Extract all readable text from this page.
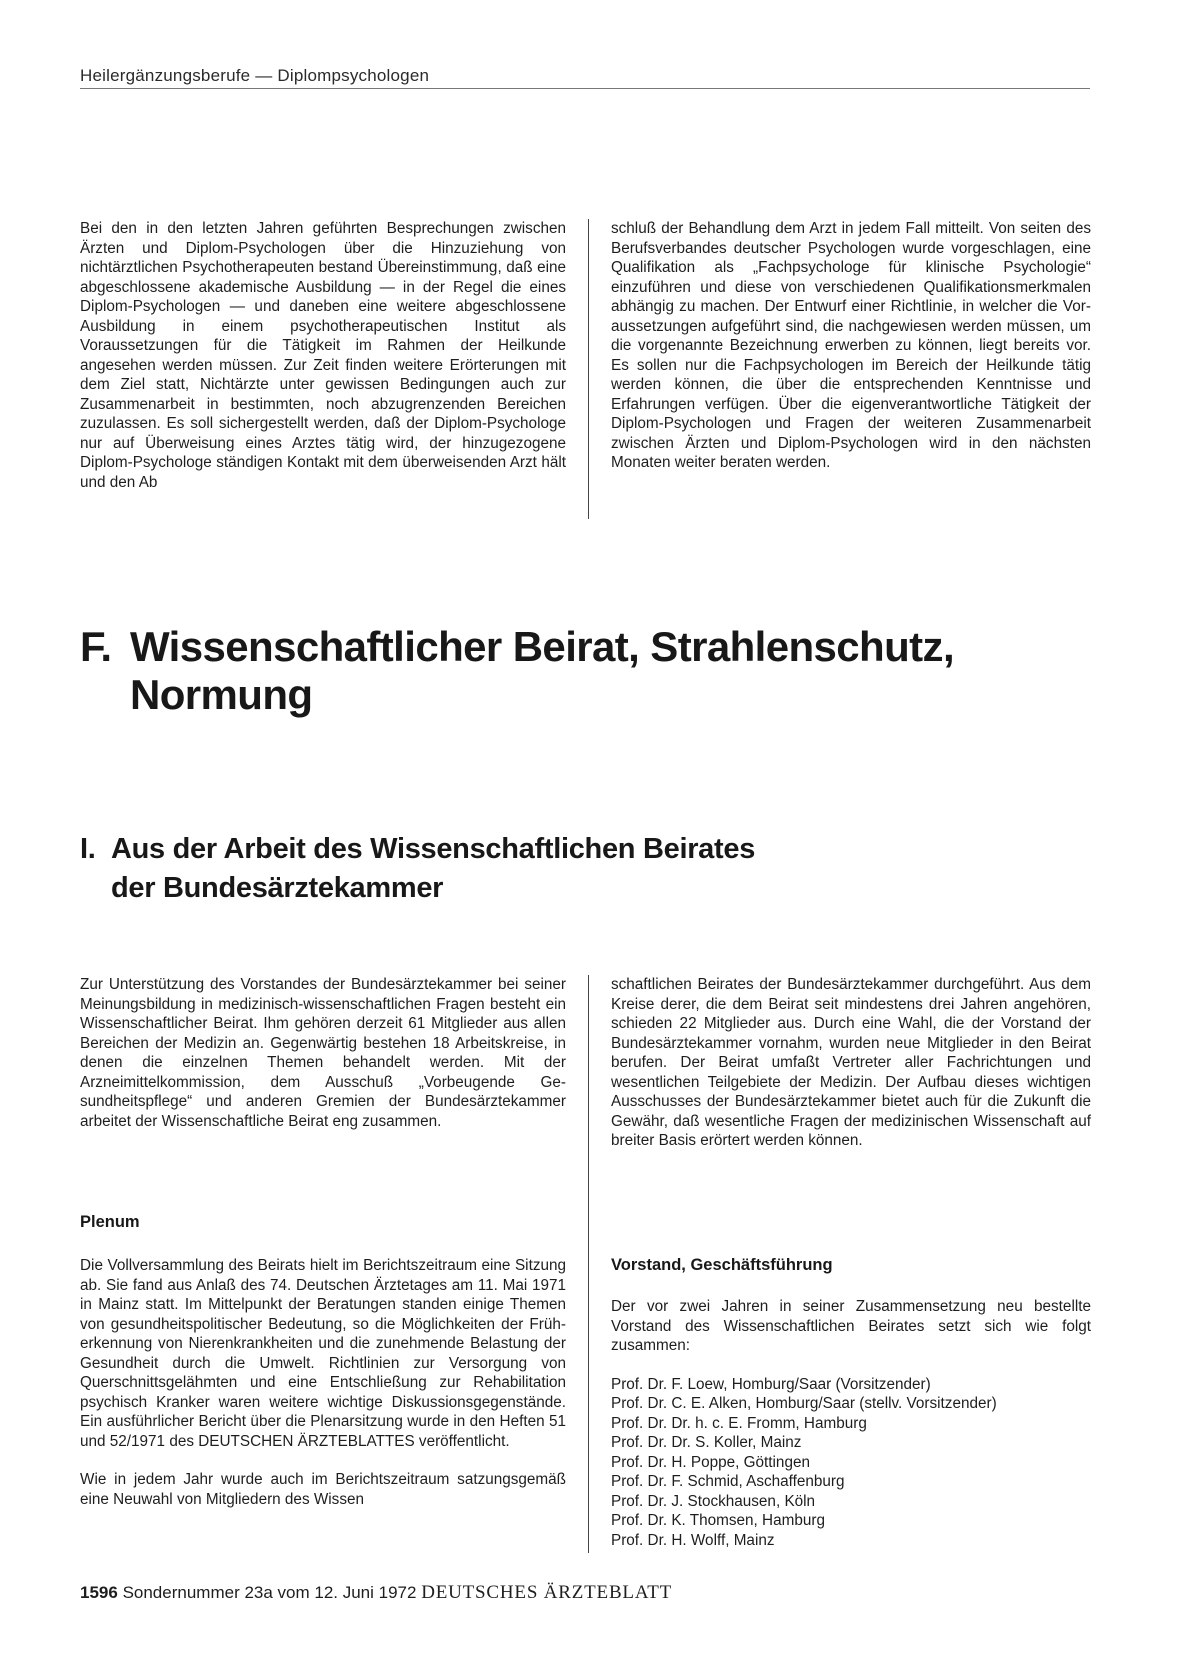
Heilergänzungsberufe — Diplompsychologen

Bei den in den letzten Jahren geführten Besprechungen zwischen Ärzten und Diplom-Psychologen über die Hinzuziehung von nichtärztlichen Psychotherapeuten bestand Übereinstimmung, daß eine abgeschlossene akademische Ausbildung — in der Regel die eines Diplom-Psychologen — und daneben eine weitere abgeschlossene Ausbildung in einem psychotherapeutischen Institut als Voraussetzungen für die Tätigkeit im Rahmen der Heilkunde angesehen werden müssen. Zur Zeit finden weitere Erörterungen mit dem Ziel statt, Nichtärzte unter gewissen Bedingungen auch zur Zusammenarbeit in bestimmten, noch abzugrenzenden Bereichen zuzulassen. Es soll sichergestellt werden, daß der Diplom-Psychologe nur auf Überweisung eines Arztes tätig wird, der hinzugezogene Diplom-Psychologe ständigen Kontakt mit dem überweisenden Arzt hält und den Ab

schluß der Behandlung dem Arzt in jedem Fall mitteilt. Von seiten des Berufsverbandes deutscher Psychologen wurde vorgeschlagen, eine Qualifikation als „Fachpsychologe für klinische Psychologie“ einzuführen und diese von verschiedenen Qualifikationsmerkmalen abhängig zu machen. Der Entwurf einer Richtlinie, in welcher die Voraussetzungen aufgeführt sind, die nachgewiesen werden müssen, um die vorgenannte Bezeichnung erwerben zu können, liegt bereits vor. Es sollen nur die Fachpsychologen im Bereich der Heilkunde tätig werden können, die über die entsprechenden Kenntnisse und Erfahrungen verfügen. Über die eigenverantwortliche Tätigkeit der Diplom-Psychologen und Fragen der weiteren Zusammenarbeit zwischen Ärzten und Diplom-Psychologen wird in den nächsten Monaten weiter beraten werden.

F. Wissenschaftlicher Beirat, Strahlenschutz,
Normung
I. Aus der Arbeit des Wissenschaftlichen Beirates
der Bundesärztekammer

Zur Unterstützung des Vorstandes der Bundesärztekammer bei seiner Meinungsbildung in medizinisch-wissenschaftlichen Fragen besteht ein Wissenschaftlicher Beirat. Ihm gehören derzeit 61 Mitglieder aus allen Bereichen der Medizin an. Gegenwärtig bestehen 18 Arbeitskreise, in denen die einzelnen Themen behandelt werden. Mit der Arzneimittelkommission, dem Ausschuß „Vorbeugende Gesundheitspflege“ und anderen Gremien der Bundesärztekammer arbeitet der Wissenschaftliche Beirat eng zusammen.

Plenum

Die Vollversammlung des Beirats hielt im Berichtszeitraum eine Sitzung ab. Sie fand aus Anlaß des 74. Deutschen Ärztetages am 11. Mai 1971 in Mainz statt. Im Mittelpunkt der Beratungen standen einige Themen von gesundheitspolitischer Bedeutung, so die Möglichkeiten der Früherkennung von Nierenkrankheiten und die zunehmende Belastung der Gesundheit durch die Umwelt. Richtlinien zur Versorgung von Querschnittsgelähmten und eine Entschließung zur Rehabilitation psychisch Kranker waren weitere wichtige Diskussionsgegenstände. Ein ausführlicher Bericht über die Plenarsitzung wurde in den Heften 51 und 52/1971 des DEUTSCHEN ÄRZTEBLATTES veröffentlicht.

Wie in jedem Jahr wurde auch im Berichtszeitraum satzungsgemäß eine Neuwahl von Mitgliedern des Wissen

schaftlichen Beirates der Bundesärztekammer durchgeführt. Aus dem Kreise derer, die dem Beirat seit mindestens drei Jahren angehören, schieden 22 Mitglieder aus. Durch eine Wahl, die der Vorstand der Bundesärztekammer vornahm, wurden neue Mitglieder in den Beirat berufen. Der Beirat umfaßt Vertreter aller Fachrichtungen und wesentlichen Teilgebiete der Medizin. Der Aufbau dieses wichtigen Ausschusses der Bundesärztekammer bietet auch für die Zukunft die Gewähr, daß wesentliche Fragen der medizinischen Wissenschaft auf breiter Basis erörtert werden können.

Vorstand, Geschäftsführung

Der vor zwei Jahren in seiner Zusammensetzung neu bestellte Vorstand des Wissenschaftlichen Beirates setzt sich wie folgt zusammen:

Prof. Dr. F. Loew, Homburg/Saar (Vorsitzender)
Prof. Dr. C. E. Alken, Homburg/Saar (stellv. Vorsitzender)
Prof. Dr. Dr. h. c. E. Fromm, Hamburg
Prof. Dr. Dr. S. Koller, Mainz
Prof. Dr. H. Poppe, Göttingen
Prof. Dr. F. Schmid, Aschaffenburg
Prof. Dr. J. Stockhausen, Köln
Prof. Dr. K. Thomsen, Hamburg
Prof. Dr. H. Wolff, Mainz
1596 Sondernummer 23a vom 12. Juni 1972 DEUTSCHES ÄRZTEBLATT
